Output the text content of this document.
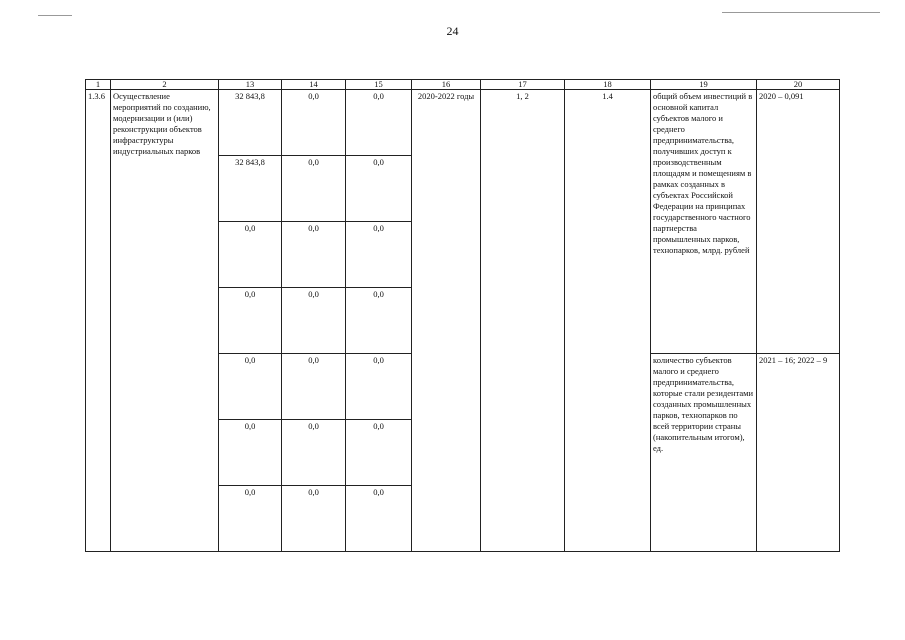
24
1	2	13	14	15	16	17	18	19	20
1.3.6	Осуществление мероприятий по созданию, модернизации и (или) реконструкции объектов инфраструктуры индустриальных парков	32 843,8	0,0	0,0	2020-2022 годы	1, 2	1.4	общий объем инвестиций в основной капитал субъектов малого и среднего предпринимательства, получивших доступ к производственным площадям и помещениям в рамках созданных в субъектах Российской Федерации на принципах государственного частного партнерства промышленных парков, технопарков, млрд. рублей	2020 – 0,091
		32 843,8	0,0	0,0					
		0,0	0,0	0,0					
		0,0	0,0	0,0					
		0,0	0,0	0,0				количество субъектов малого и среднего предпринимательства, которые стали резидентами созданных промышленных парков, технопарков по всей территории страны (накопительным итогом), ед.	2021 – 16; 2022 – 9
		0,0	0,0	0,0					
		0,0	0,0	0,0					
